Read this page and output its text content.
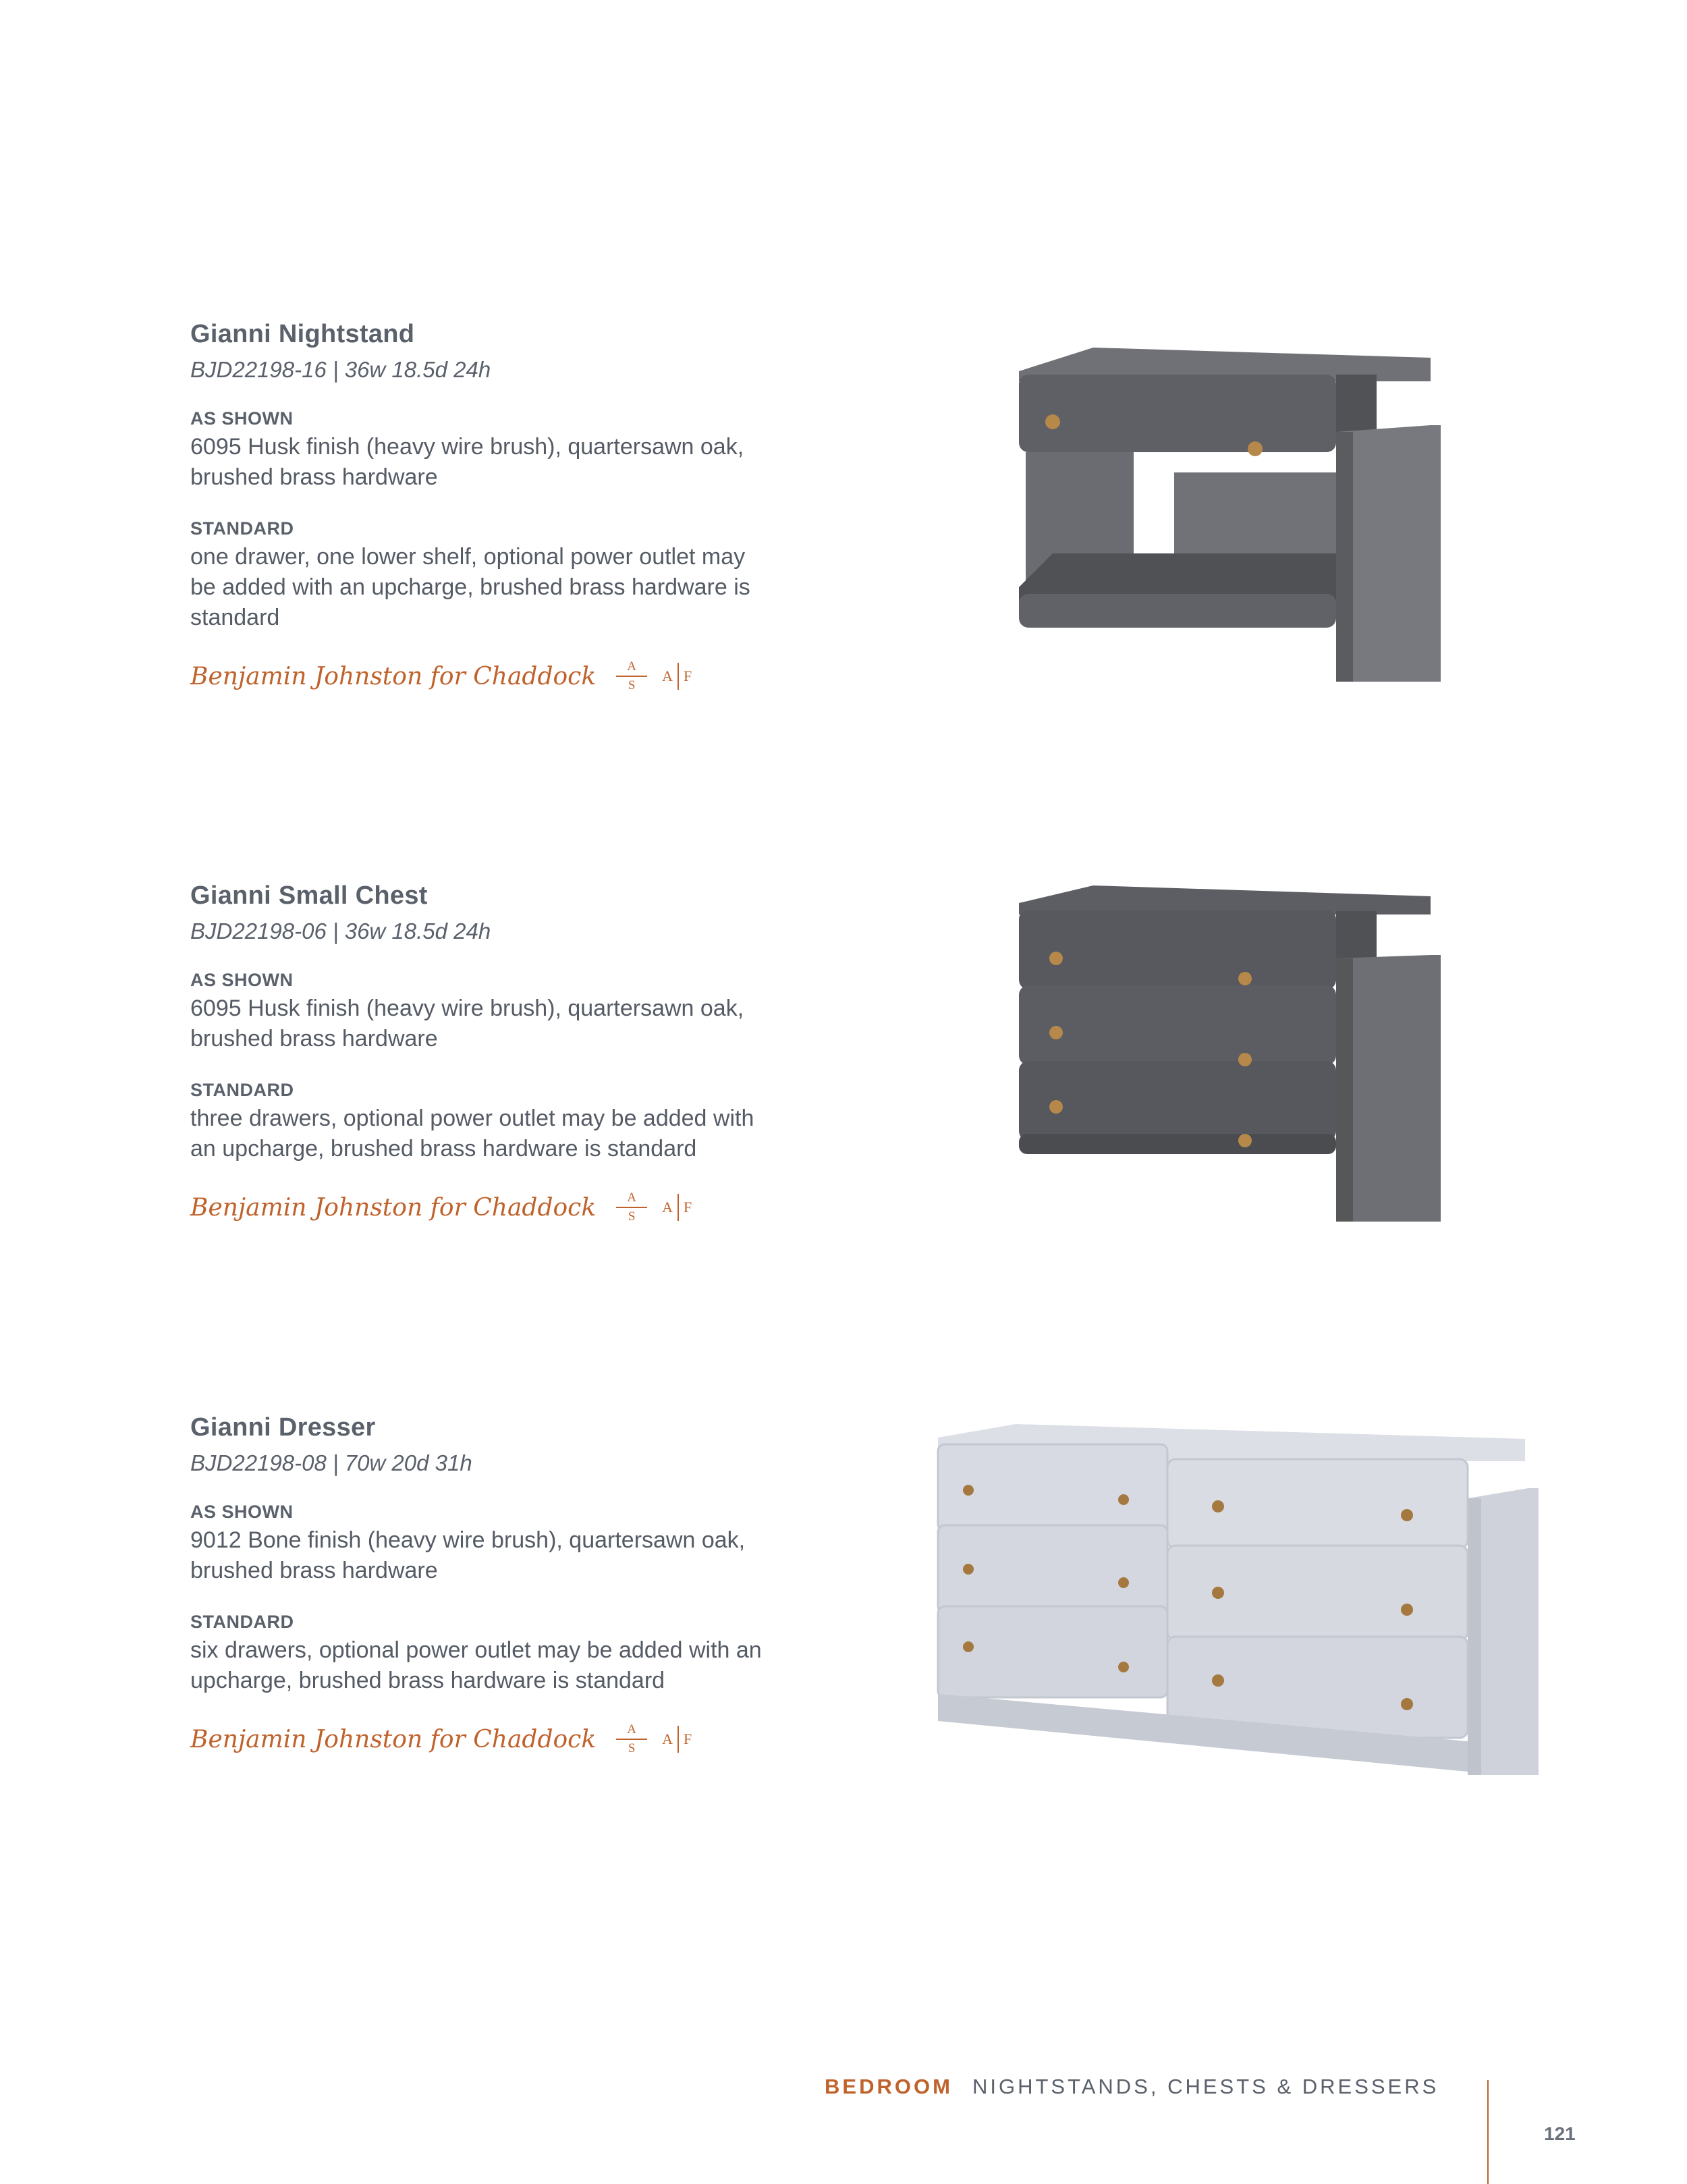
Gianni Nightstand
BJD22198-16 | 36w 18.5d 24h
AS SHOWN
6095 Husk finish (heavy wire brush), quartersawn oak,
brushed brass hardware
STANDARD
one drawer, one lower shelf, optional power outlet may
be added with an upcharge, brushed brass hardware is
standard
Benjamin Johnston for Chaddock A
S
A F
Gianni Small Chest
BJD22198-06 | 36w 18.5d 24h
AS SHOWN
6095 Husk finish (heavy wire brush), quartersawn oak,
brushed brass hardware
STANDARD
three drawers, optional power outlet may be added with
an upcharge, brushed brass hardware is standard
Benjamin Johnston for Chaddock A
S
A F
Gianni Dresser
BJD22198-08 | 70w 20d 31h
AS SHOWN
9012 Bone finish (heavy wire brush), quartersawn oak,
brushed brass hardware
STANDARD
six drawers, optional power outlet may be added with an
upcharge, brushed brass hardware is standard
Benjamin Johnston for Chaddock A
S
A F
BEDROOM NIGHTSTANDS, CHESTS & DRESSERS
121
